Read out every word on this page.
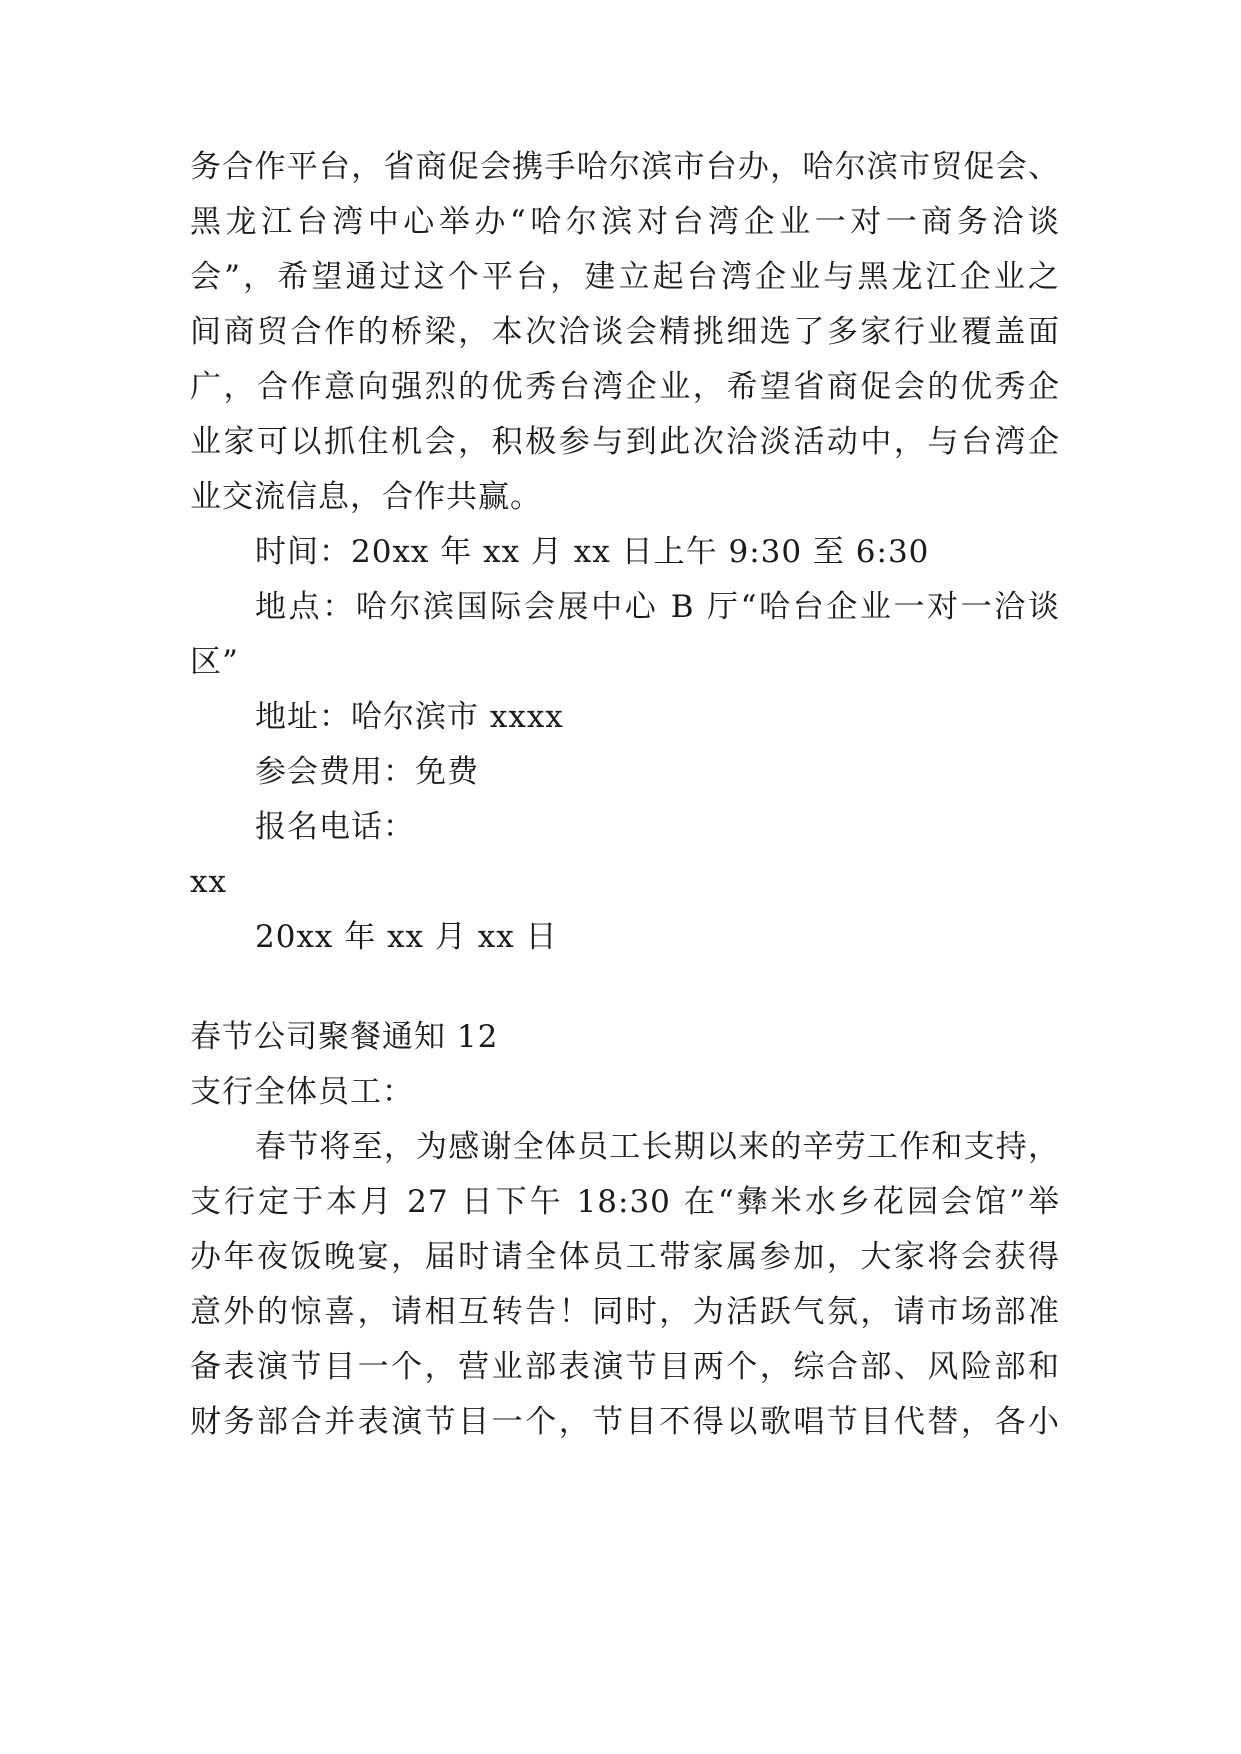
务合作平台，省商促会携手哈尔滨市台办，哈尔滨市贸促会、
黑龙江台湾中心举办“哈尔滨对台湾企业一对一商务洽谈
会”，希望通过这个平台，建立起台湾企业与黑龙江企业之
间商贸合作的桥梁，本次洽谈会精挑细选了多家行业覆盖面
广，合作意向强烈的优秀台湾企业，希望省商促会的优秀企
业家可以抓住机会，积极参与到此次洽淡活动中，与台湾企
业交流信息，合作共赢。
时间：20xx 年 xx 月 xx 日上午 9:30 至 6:30
地点：哈尔滨国际会展中心 B 厅“哈台企业一对一洽谈
区”
地址：哈尔滨市 xxxx
参会费用：免费
报名电话：
xx
20xx 年 xx 月 xx 日
春节公司聚餐通知 12
支行全体员工：
春节将至，为感谢全体员工长期以来的辛劳工作和支持，
支行定于本月 27 日下午 18:30 在“彝米水乡花园会馆”举
办年夜饭晚宴，届时请全体员工带家属参加，大家将会获得
意外的惊喜，请相互转告！同时，为活跃气氛，请市场部准
备表演节目一个，营业部表演节目两个，综合部、风险部和
财务部合并表演节目一个，节目不得以歌唱节目代替，各小
